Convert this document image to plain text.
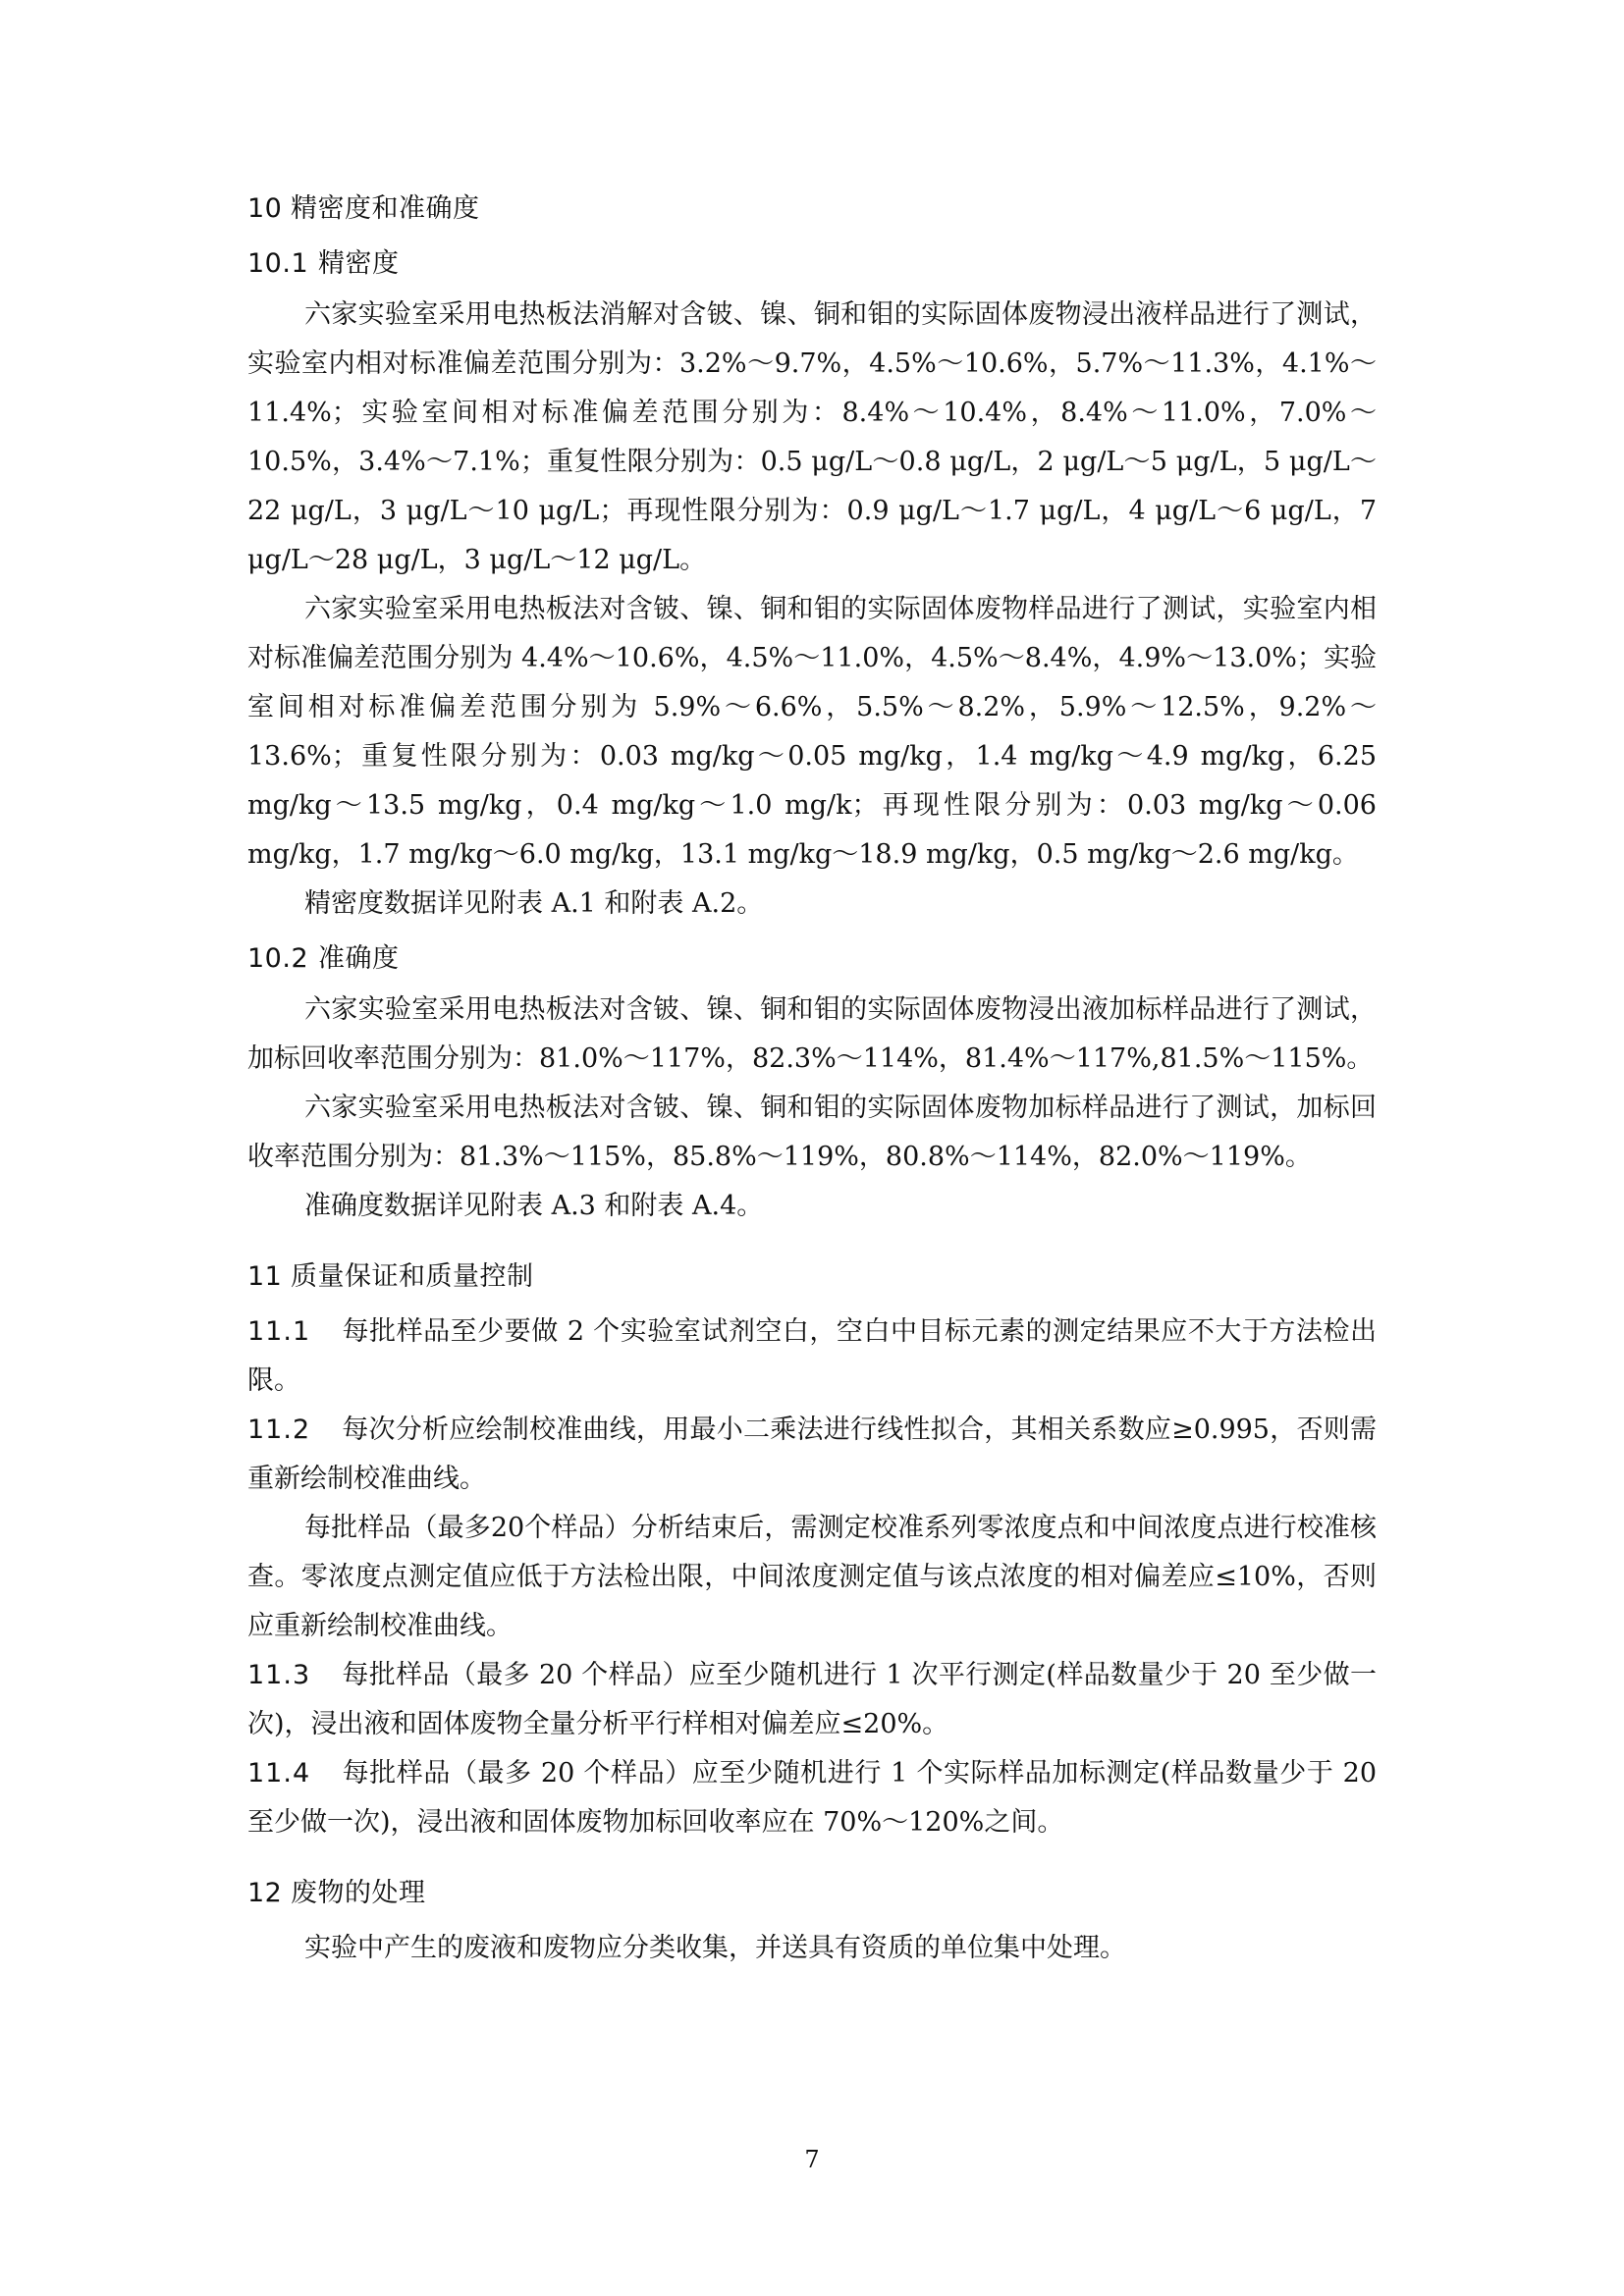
10 精密度和准确度
10.1 精密度

六家实验室采用电热板法消解对含铍、镍、铜和钼的实际固体废物浸出液样品进行了测试，实验室内相对标准偏差范围分别为：3.2%～9.7%，4.5%～10.6%，5.7%～11.3%，4.1%～11.4%；实验室间相对标准偏差范围分别为：8.4%～10.4%，8.4%～11.0%，7.0%～10.5%，3.4%～7.1%；重复性限分别为：0.5 μg/L～0.8 μg/L，2 μg/L～5 μg/L，5 μg/L～22 μg/L，3 μg/L～10 μg/L；再现性限分别为：0.9 μg/L～1.7 μg/L，4 μg/L～6 μg/L，7 μg/L～28 μg/L，3 μg/L～12 μg/L。

六家实验室采用电热板法对含铍、镍、铜和钼的实际固体废物样品进行了测试，实验室内相对标准偏差范围分别为 4.4%～10.6%，4.5%～11.0%，4.5%～8.4%，4.9%～13.0%；实验室间相对标准偏差范围分别为 5.9%～6.6%，5.5%～8.2%，5.9%～12.5%，9.2%～13.6%；重复性限分别为：0.03 mg/kg～0.05 mg/kg，1.4 mg/kg～4.9 mg/kg，6.25 mg/kg～13.5 mg/kg，0.4 mg/kg～1.0 mg/k；再现性限分别为：0.03 mg/kg～0.06 mg/kg，1.7 mg/kg～6.0 mg/kg，13.1 mg/kg～18.9 mg/kg，0.5 mg/kg～2.6 mg/kg。

精密度数据详见附表 A.1 和附表 A.2。

10.2 准确度

六家实验室采用电热板法对含铍、镍、铜和钼的实际固体废物浸出液加标样品进行了测试，加标回收率范围分别为：81.0%～117%，82.3%～114%，81.4%～117%,81.5%～115%。

六家实验室采用电热板法对含铍、镍、铜和钼的实际固体废物加标样品进行了测试，加标回收率范围分别为：81.3%～115%，85.8%～119%，80.8%～114%，82.0%～119%。

准确度数据详见附表 A.3 和附表 A.4。

11 质量保证和质量控制

11.1 每批样品至少要做 2 个实验室试剂空白，空白中目标元素的测定结果应不大于方法检出限。

11.2 每次分析应绘制校准曲线，用最小二乘法进行线性拟合，其相关系数应≥0.995，否则需重新绘制校准曲线。

每批样品（最多20个样品）分析结束后，需测定校准系列零浓度点和中间浓度点进行校准核查。零浓度点测定值应低于方法检出限，中间浓度测定值与该点浓度的相对偏差应≤10%，否则应重新绘制校准曲线。

11.3 每批样品（最多 20 个样品）应至少随机进行 1 次平行测定(样品数量少于 20 至少做一次)，浸出液和固体废物全量分析平行样相对偏差应≤20%。

11.4 每批样品（最多 20 个样品）应至少随机进行 1 个实际样品加标测定(样品数量少于 20 至少做一次)，浸出液和固体废物加标回收率应在 70%～120%之间。

12 废物的处理

实验中产生的废液和废物应分类收集，并送具有资质的单位集中处理。

7
